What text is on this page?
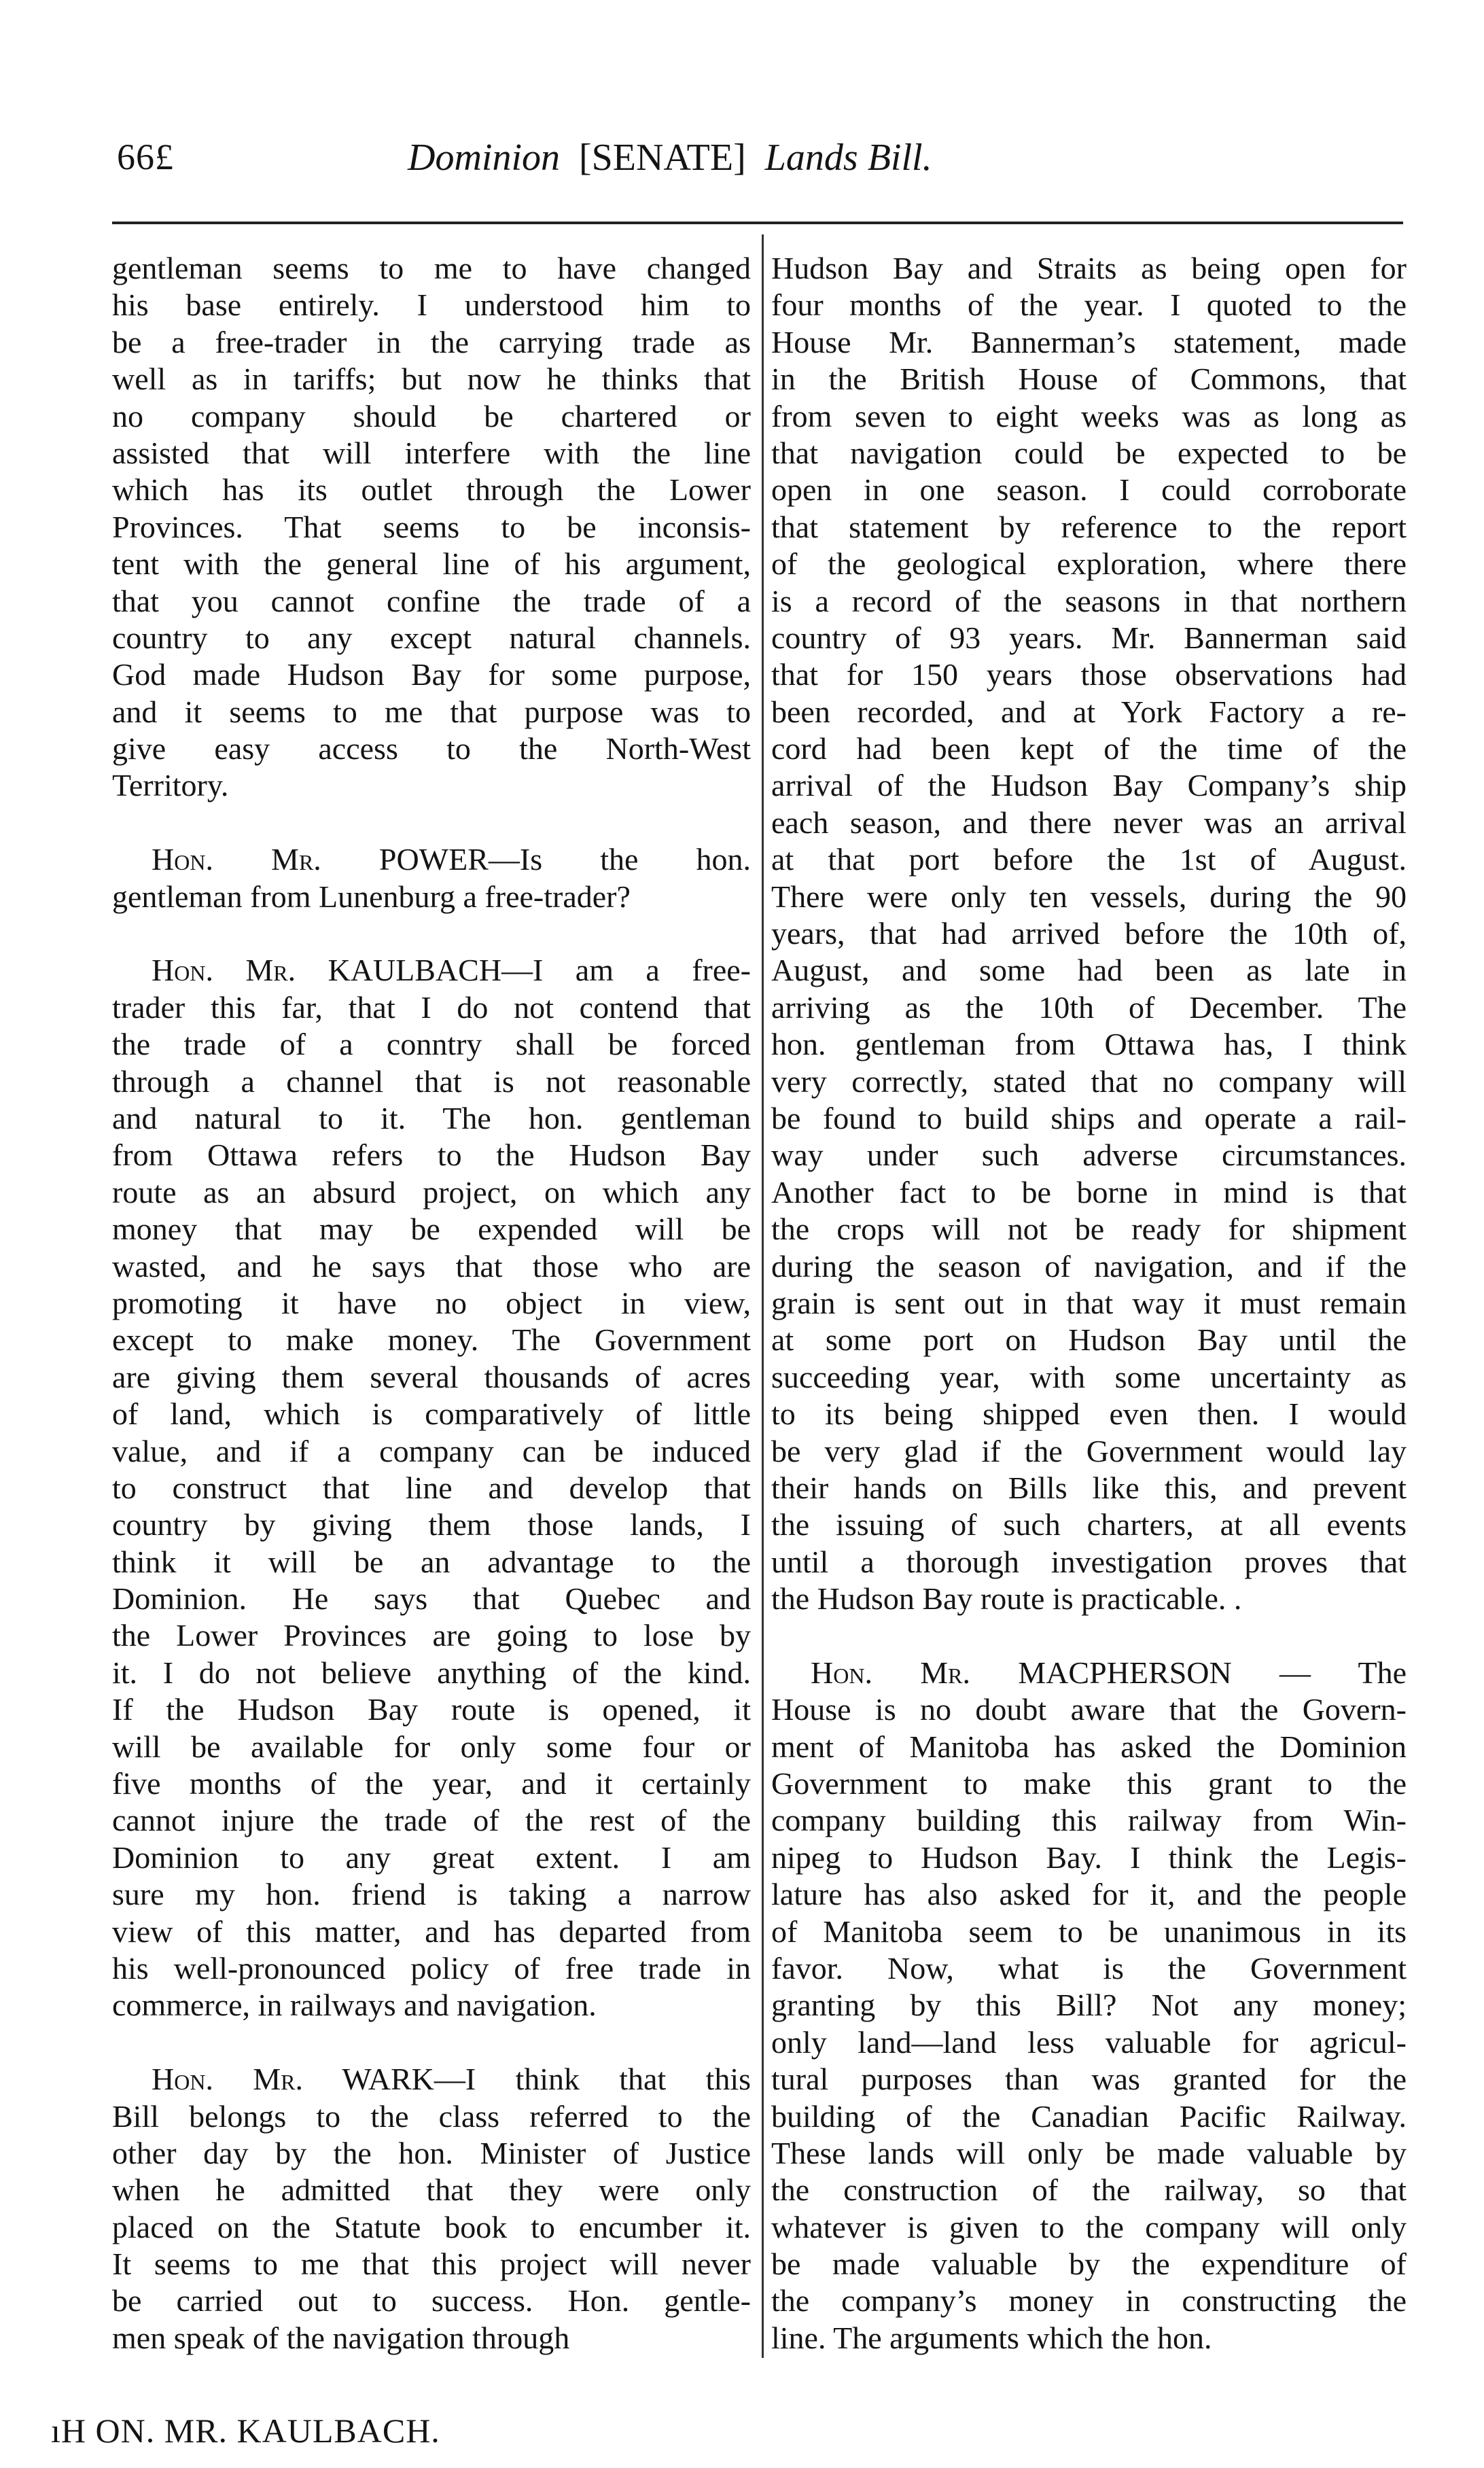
66£	Dominion [SENATE] Lands Bill.
gentleman seems to me to have changed
his base entirely. I understood him to
be a free-trader in the carrying trade as
well as in tariffs; but now he thinks that
no company should be chartered or
assisted that will interfere with the line
which has its outlet through the Lower
Provinces. That seems to be inconsis-
tent with the general line of his argument,
that you cannot confine the trade of a
country to any except natural channels.
God made Hudson Bay for some purpose,
and it seems to me that purpose was to
give easy access to the North-West
Territory.
Hon. Mr. POWER—Is the hon.
gentleman from Lunenburg a free-trader?
Hon. Mr. KAULBACH—I am a free-
trader this far, that I do not contend that
the trade of a conntry shall be forced
through a channel that is not reasonable
and natural to it. The hon. gentleman
from Ottawa refers to the Hudson Bay
route as an absurd project, on which any
money that may be expended will be
wasted, and he says that those who are
promoting it have no object in view,
except to make money. The Government
are giving them several thousands of acres
of land, which is comparatively of little
value, and if a company can be induced
to construct that line and develop that
country by giving them those lands, I
think it will be an advantage to the
Dominion. He says that Quebec and
the Lower Provinces are going to lose by
it. I do not believe anything of the kind.
If the Hudson Bay route is opened, it
will be available for only some four or
five months of the year, and it certainly
cannot injure the trade of the rest of the
Dominion to any great extent. I am
sure my hon. friend is taking a narrow
view of this matter, and has departed from
his well-pronounced policy of free trade in
commerce, in railways and navigation.
Hon. Mr. WARK—I think that this
Bill belongs to the class referred to the
other day by the hon. Minister of Justice
when he admitted that they were only
placed on the Statute book to encumber it.
It seems to me that this project will never
be carried out to success. Hon. gentle-
men speak of the navigation through
Hudson Bay and Straits as being open for
four months of the year. I quoted to the
House Mr. Bannerman’s statement, made
in the British House of Commons, that
from seven to eight weeks was as long as
that navigation could be expected to be
open in one season. I could corroborate
that statement by reference to the report
of the geological exploration, where there
is a record of the seasons in that northern
country of 93 years. Mr. Bannerman said
that for 150 years those observations had
been recorded, and at York Factory a re-
cord had been kept of the time of the
arrival of the Hudson Bay Company’s ship
each season, and there never was an arrival
at that port before the 1st of August.
There were only ten vessels, during the 90
years, that had arrived before the 10th of,
August, and some had been as late in
arriving as the 10th of December. The
hon. gentleman from Ottawa has, I think
very correctly, stated that no company will
be found to build ships and operate a rail-
way under such adverse circumstances.
Another fact to be borne in mind is that
the crops will not be ready for shipment
during the season of navigation, and if the
grain is sent out in that way it must remain
at some port on Hudson Bay until the
succeeding year, with some uncertainty as
to its being shipped even then. I would
be very glad if the Government would lay
their hands on Bills like this, and prevent
the issuing of such charters, at all events
until a thorough investigation proves that
the Hudson Bay route is practicable. .
Hon. Mr. MACPHERSON — The
House is no doubt aware that the Govern-
ment of Manitoba has asked the Dominion
Government to make this grant to the
company building this railway from Win-
nipeg to Hudson Bay. I think the Legis-
lature has also asked for it, and the people
of Manitoba seem to be unanimous in its
favor. Now, what is the Government
granting by this Bill? Not any money;
only land—land less valuable for agricul-
tural purposes than was granted for the
building of the Canadian Pacific Railway.
These lands will only be made valuable by
the construction of the railway, so that
whatever is given to the company will only
be made valuable by the expenditure of
the company’s money in constructing the
line. The arguments which the hon.
ıH ON. MR. KAULBACH.
